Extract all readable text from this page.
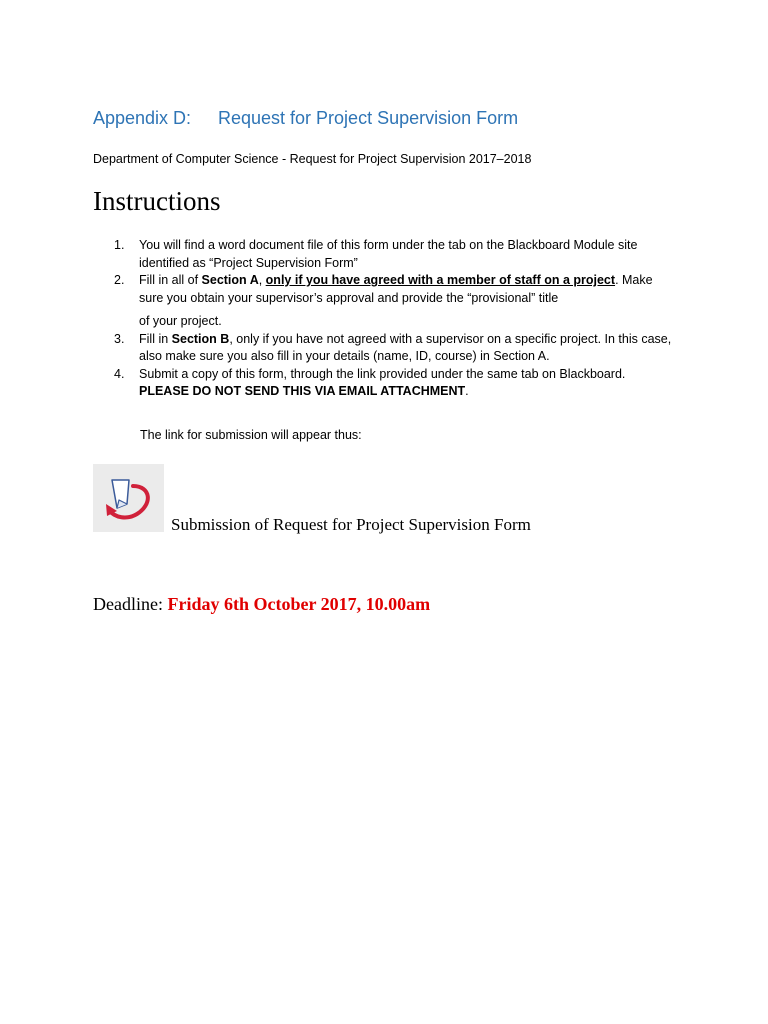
Appendix D: Request for Project Supervision Form
Department of Computer Science - Request for Project Supervision 2017–2018
Instructions
1. You will find a word document file of this form under the tab on the Blackboard Module site identified as “Project Supervision Form”
2. Fill in all of Section A, only if you have agreed with a member of staff on a project. Make sure you obtain your supervisor’s approval and provide the “provisional” title
of your project.
3. Fill in Section B, only if you have not agreed with a supervisor on a specific project. In this case, also make sure you also fill in your details (name, ID, course) in Section A.
4. Submit a copy of this form, through the link provided under the same tab on Blackboard. PLEASE DO NOT SEND THIS VIA EMAIL ATTACHMENT.
The link for submission will appear thus:
Submission of Request for Project Supervision Form
Deadline: Friday 6th October 2017, 10.00am
